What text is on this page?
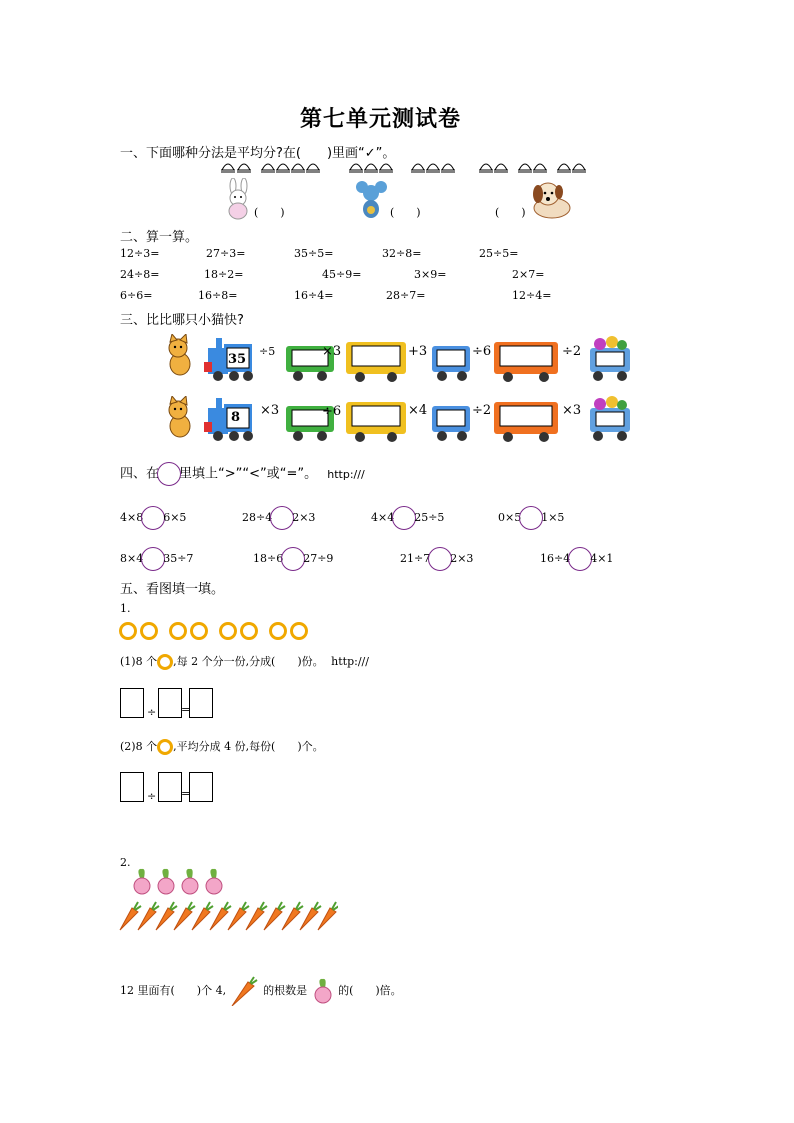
第七单元测试卷
一、下面哪种分法是平均分?在(　　)里画“✓”。
(　　)	(　　)	(　　)
二、算一算。
12÷3=	27÷3=	35÷5=	32÷8=	25÷5=
24÷8=	18÷2=	45÷9=	3×9=	2×7=
6÷6=	16÷8=	16÷4=	28÷7=	12÷4=
三、比比哪只小猫快?
35
÷5	×3	+3	÷6	÷2
8 ×3	÷6	×4	÷2	×3
四、在 里填上“>”“<”或“=”。 http:///
4×8 6×5	28÷4 2×3	4×4 25÷5	0×5 1×5
8×4 35÷7	18÷6 27÷9	21÷7 2×3	16÷4 4×1
五、看图填一填。
1.
(1)8 个 ,每 2 个分一份,分成(　　)份。 http:///
÷ =
(2)8 个 ,平均分成 4 份,每份(　　)个。
÷ =
2.
12 里面有(　　)个 4,	的根数是	的(　　)倍。
